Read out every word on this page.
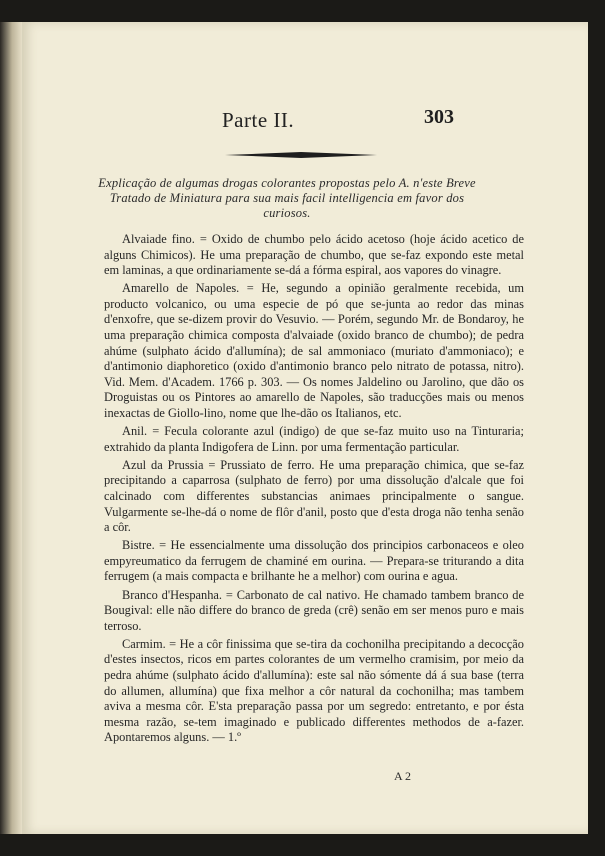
Parte II.	303
Explicação de algumas drogas colorantes propostas pelo A. n'este Breve Tratado de Miniatura para sua mais facil intelligencia em favor dos curiosos.

Alvaiade fino. = Oxido de chumbo pelo ácido acetoso (hoje ácido acetico de alguns Chimicos). He uma preparação de chumbo, que se-faz expondo este metal em laminas, a que ordinariamente se-dá a fórma espiral, aos vapores do vinagre.

Amarello de Napoles. = He, segundo a opinião geralmente recebida, um producto volcanico, ou uma especie de pó que se-junta ao redor das minas d'enxofre, que se-dizem provir do Vesuvio. — Porém, segundo Mr. de Bondaroy, he uma preparação chimica composta d'alvaiade (oxido branco de chumbo); de pedra ahúme (sulphato ácido d'allumína); de sal ammoniaco (muriato d'ammoniaco); e d'antimonio diaphoretico (oxido d'antimonio branco pelo nitrato de potassa, nitro). Vid. Mem. d'Academ. 1766 p. 303. — Os nomes Jaldelino ou Jarolino, que dão os Droguistas ou os Pintores ao amarello de Napoles, são traducções mais ou menos inexactas de Giollo-lino, nome que lhe-dão os Italianos, etc.

Anil. = Fecula colorante azul (indigo) de que se-faz muito uso na Tinturaria; extrahido da planta Indigofera de Linn. por uma fermentação particular.

Azul da Prussia = Prussiato de ferro. He uma preparação chimica, que se-faz precipitando a caparrosa (sulphato de ferro) por uma dissolução d'alcale que foi calcinado com differentes substancias animaes principalmente o sangue. Vulgarmente se-lhe-dá o nome de flôr d'anil, posto que d'esta droga não tenha senão a côr.

Bistre. = He essencialmente uma dissolução dos principios carbonaceos e oleo empyreumatico da ferrugem de chaminé em ourina. — Prepara-se triturando a dita ferrugem (a mais compacta e brilhante he a melhor) com ourina e agua.

Branco d'Hespanha. = Carbonato de cal nativo. He chamado tambem branco de Bougival: elle não differe do branco de greda (crê) senão em ser menos puro e mais terroso.

Carmim. = He a côr finissima que se-tira da cochonilha precipitando a decocção d'estes insectos, ricos em partes colorantes de um vermelho cramisim, por meio da pedra ahúme (sulphato ácido d'allumína): este sal não sómente dá á sua base (terra do allumen, allumína) que fixa melhor a côr natural da cochonilha; mas tambem aviva a mesma côr. E'sta preparação passa por um segredo: entretanto, e por ésta mesma razão, se-tem imaginado e publicado differentes methodos de a-fazer. Apontaremos alguns. — 1.º

A 2
